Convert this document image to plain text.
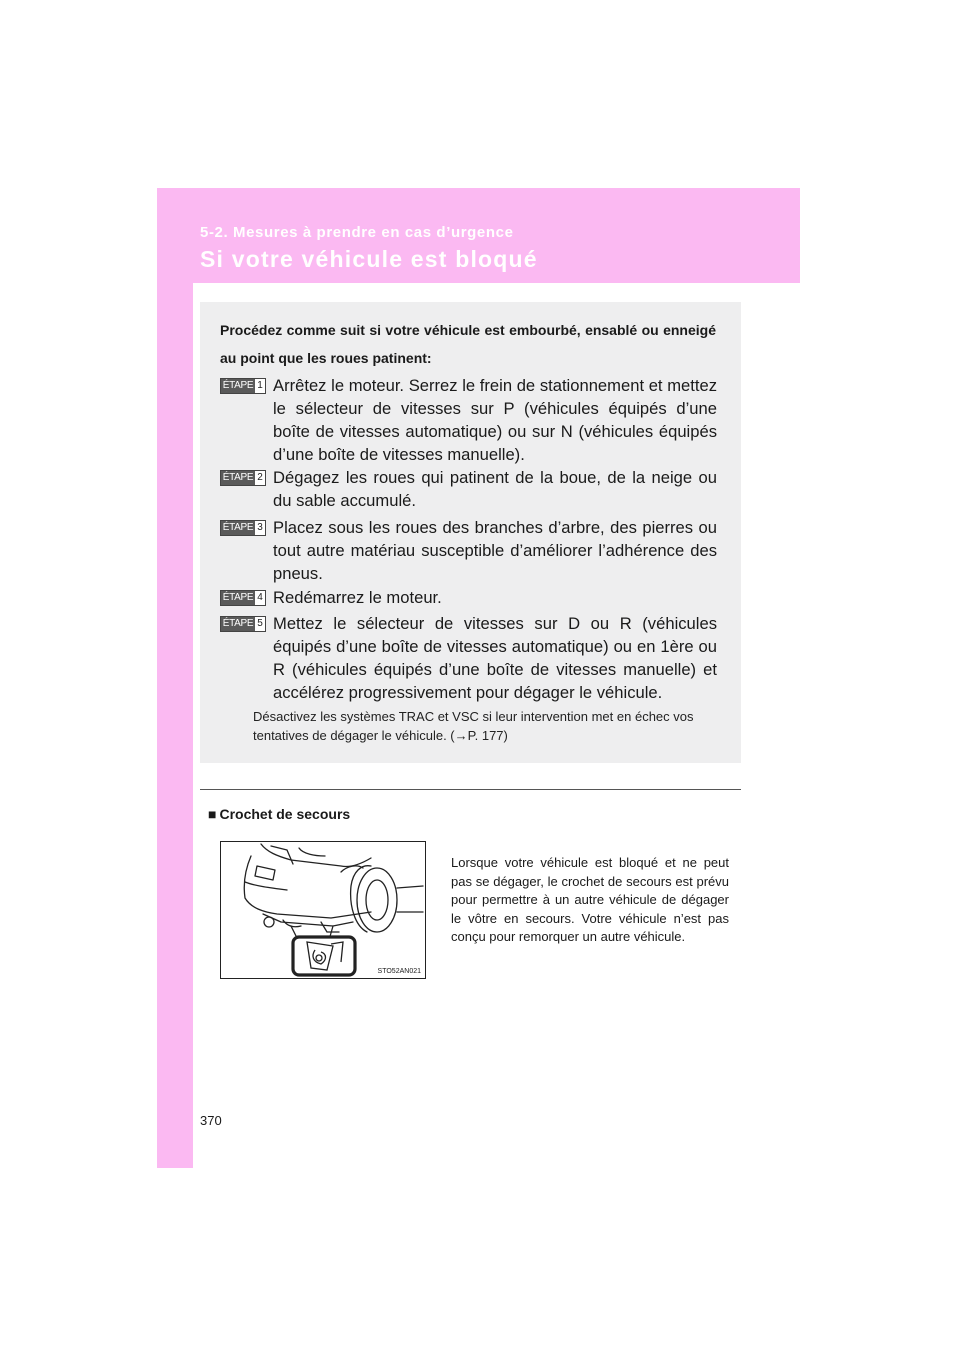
5-2. Mesures à prendre en cas d’urgence
Si votre véhicule est bloqué
Procédez comme suit si votre véhicule est embourbé, ensablé ou enneigé au point que les roues patinent:
ÉTAPE 1 Arrêtez le moteur. Serrez le frein de stationnement et mettez le sélecteur de vitesses sur P (véhicules équipés d’une boîte de vitesses automatique) ou sur N (véhicules équipés d’une boîte de vitesses manuelle).
ÉTAPE 2 Dégagez les roues qui patinent de la boue, de la neige ou du sable accumulé.
ÉTAPE 3 Placez sous les roues des branches d’arbre, des pierres ou tout autre matériau susceptible d’améliorer l’adhérence des pneus.
ÉTAPE 4 Redémarrez le moteur.
ÉTAPE 5 Mettez le sélecteur de vitesses sur D ou R (véhicules équipés d’une boîte de vitesses automatique) ou en 1ère ou R (véhicules équipés d’une boîte de vitesses manuelle) et accélérez progressivement pour dégager le véhicule.
Désactivez les systèmes TRAC et VSC si leur intervention met en échec vos tentatives de dégager le véhicule. (→P. 177)
■ Crochet de secours
STO52AN021
Lorsque votre véhicule est bloqué et ne peut pas se dégager, le crochet de secours est prévu pour permettre à un autre véhicule de dégager le vôtre en secours. Votre véhicule n’est pas conçu pour remorquer un autre véhicule.
370
